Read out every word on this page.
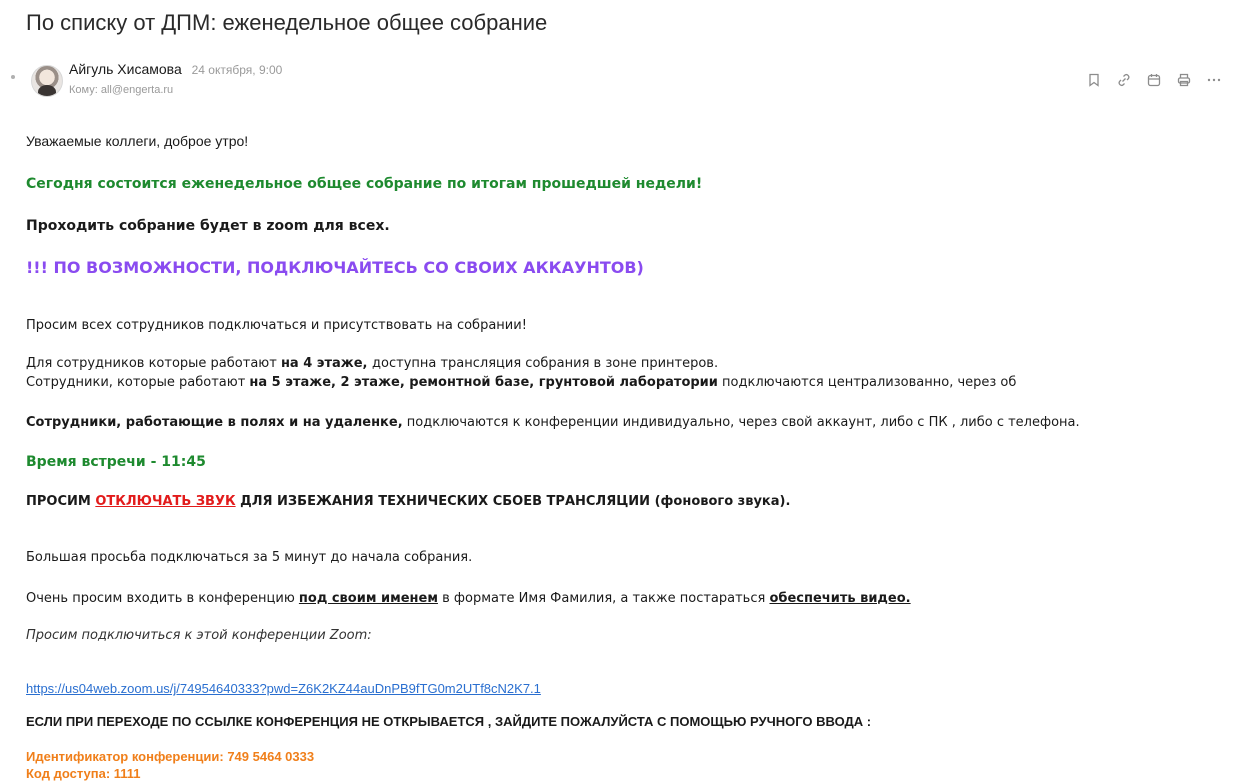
По списку от ДПМ: еженедельное общее собрание
Айгуль Хисамова 24 октября, 9:00
Кому: all@engerta.ru
Уважаемые коллеги, доброе утро!
Сегодня состоится еженедельное общее собрание по итогам прошедшей недели!
Проходить собрание будет в zoom для всех.
!!! ПО ВОЗМОЖНОСТИ, ПОДКЛЮЧАЙТЕСЬ СО СВОИХ АККАУНТОВ)
Просим всех сотрудников подключаться и присутствовать на собрании!
Для сотрудников которые работают на 4 этаже, доступна трансляция собрания в зоне принтеров.
Сотрудники, которые работают на 5 этаже, 2 этаже, ремонтной базе, грунтовой лаборатории подключаются централизованно, через об
Сотрудники, работающие в полях и на удаленке, подключаются к конференции индивидуально, через свой аккаунт, либо с ПК , либо с телефона.
Время встречи - 11:45
ПРОСИМ ОТКЛЮЧАТЬ ЗВУК ДЛЯ ИЗБЕЖАНИЯ ТЕХНИЧЕСКИХ СБОЕВ ТРАНСЛЯЦИИ (фонового звука).
Большая просьба подключаться за 5 минут до начала собрания.
Очень просим входить в конференцию под своим именем в формате Имя Фамилия, а также постараться обеспечить видео.
Просим подключиться к этой конференции Zoom:
https://us04web.zoom.us/j/74954640333?pwd=Z6K2KZ44auDnPB9fTG0m2UTf8cN2K7.1
ЕСЛИ ПРИ ПЕРЕХОДЕ ПО ССЫЛКЕ КОНФЕРЕНЦИЯ НЕ ОТКРЫВАЕТСЯ , ЗАЙДИТЕ ПОЖАЛУЙСТА С ПОМОЩЬЮ РУЧНОГО ВВОДА :
Идентификатор конференции: 749 5464 0333
Код доступа: 1111
